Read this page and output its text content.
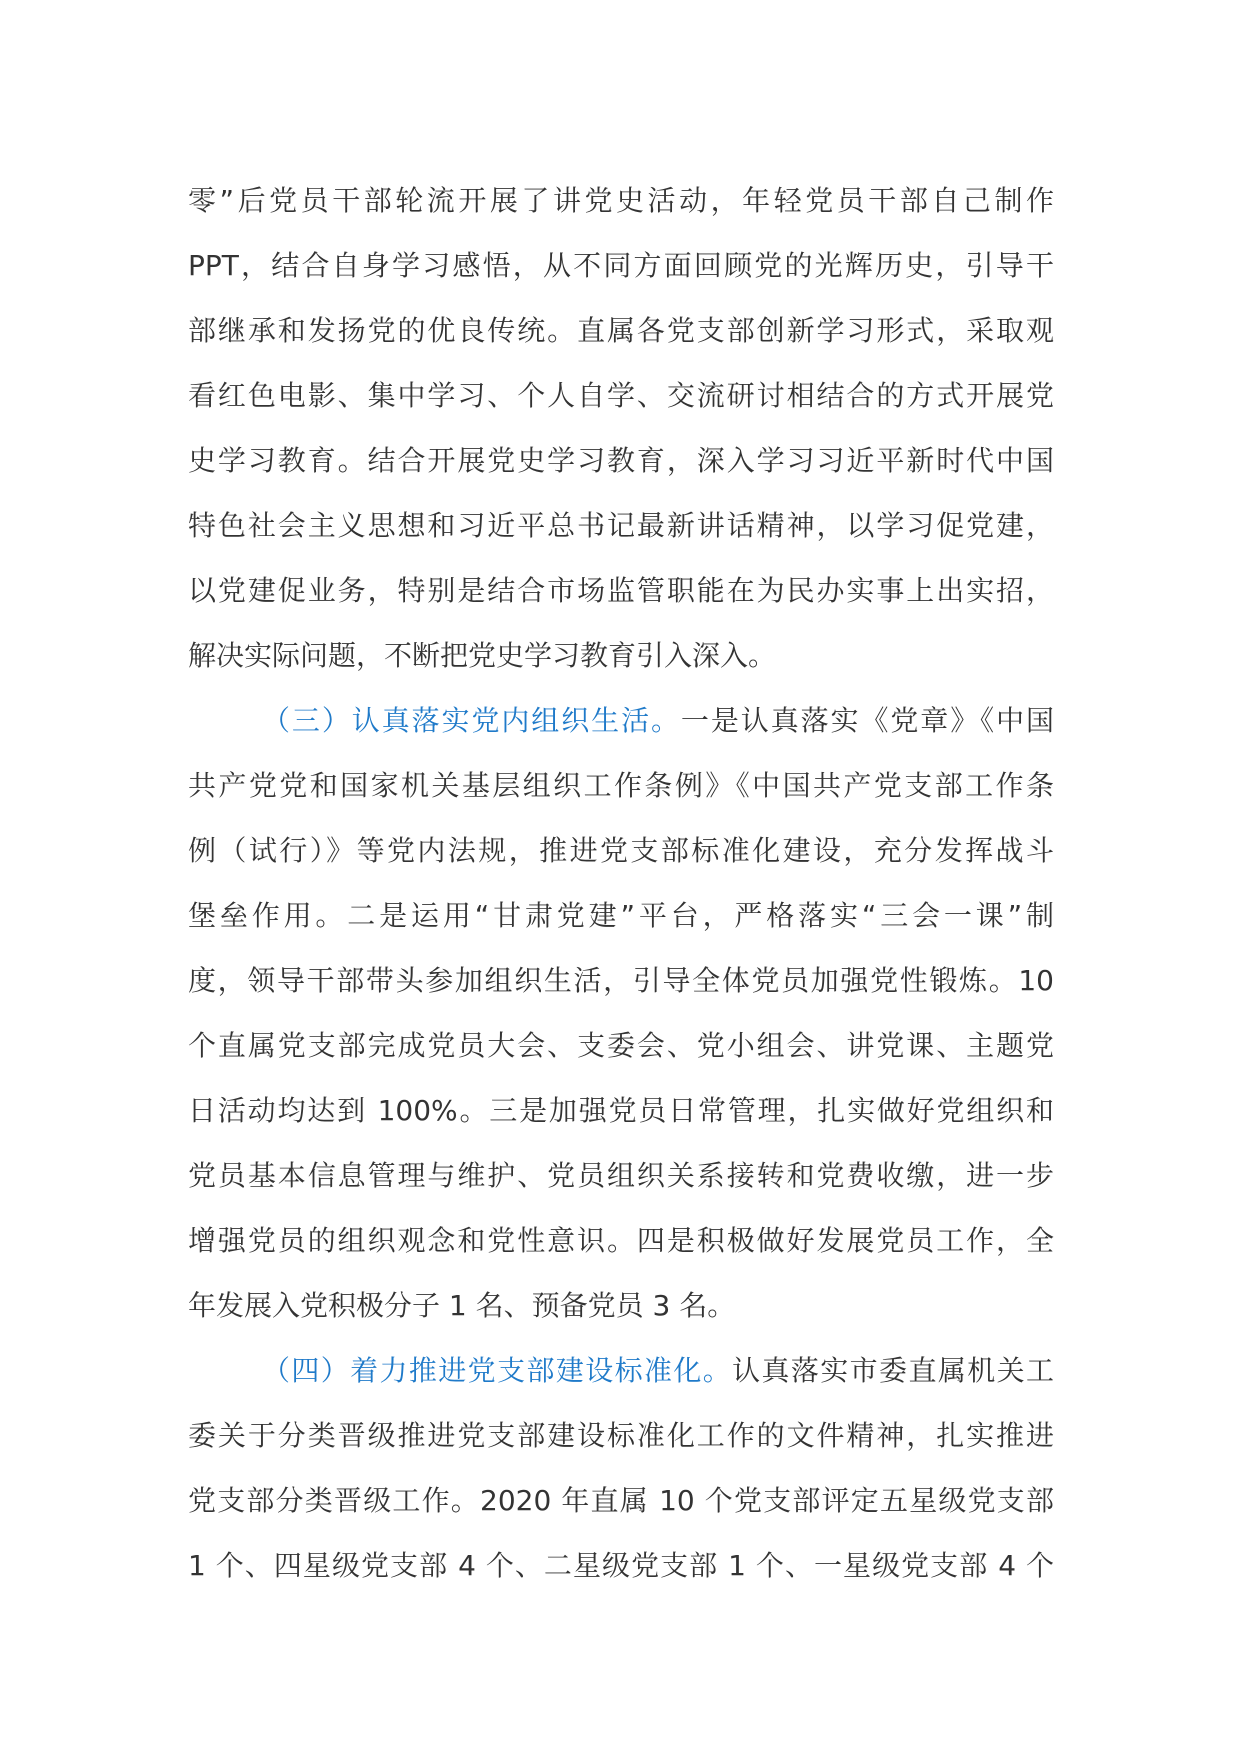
零”后党员干部轮流开展了讲党史活动，年轻党员干部自己制作
PPT，结合自身学习感悟，从不同方面回顾党的光辉历史，引导干
部继承和发扬党的优良传统。直属各党支部创新学习形式，采取观
看红色电影、集中学习、个人自学、交流研讨相结合的方式开展党
史学习教育。结合开展党史学习教育，深入学习习近平新时代中国
特色社会主义思想和习近平总书记最新讲话精神，以学习促党建，
以党建促业务，特别是结合市场监管职能在为民办实事上出实招，
解决实际问题，不断把党史学习教育引入深入。
（三）认真落实党内组织生活。一是认真落实《党章》《中国
共产党党和国家机关基层组织工作条例》《中国共产党支部工作条
例（试行）》等党内法规，推进党支部标准化建设，充分发挥战斗
堡垒作用。二是运用“甘肃党建”平台，严格落实“三会一课”制
度，领导干部带头参加组织生活，引导全体党员加强党性锻炼。10
个直属党支部完成党员大会、支委会、党小组会、讲党课、主题党
日活动均达到 100%。三是加强党员日常管理，扎实做好党组织和
党员基本信息管理与维护、党员组织关系接转和党费收缴，进一步
增强党员的组织观念和党性意识。四是积极做好发展党员工作，全
年发展入党积极分子 1 名、预备党员 3 名。
（四）着力推进党支部建设标准化。认真落实市委直属机关工
委关于分类晋级推进党支部建设标准化工作的文件精神，扎实推进
党支部分类晋级工作。2020 年直属 10 个党支部评定五星级党支部
1 个、四星级党支部 4 个、二星级党支部 1 个、一星级党支部 4 个
